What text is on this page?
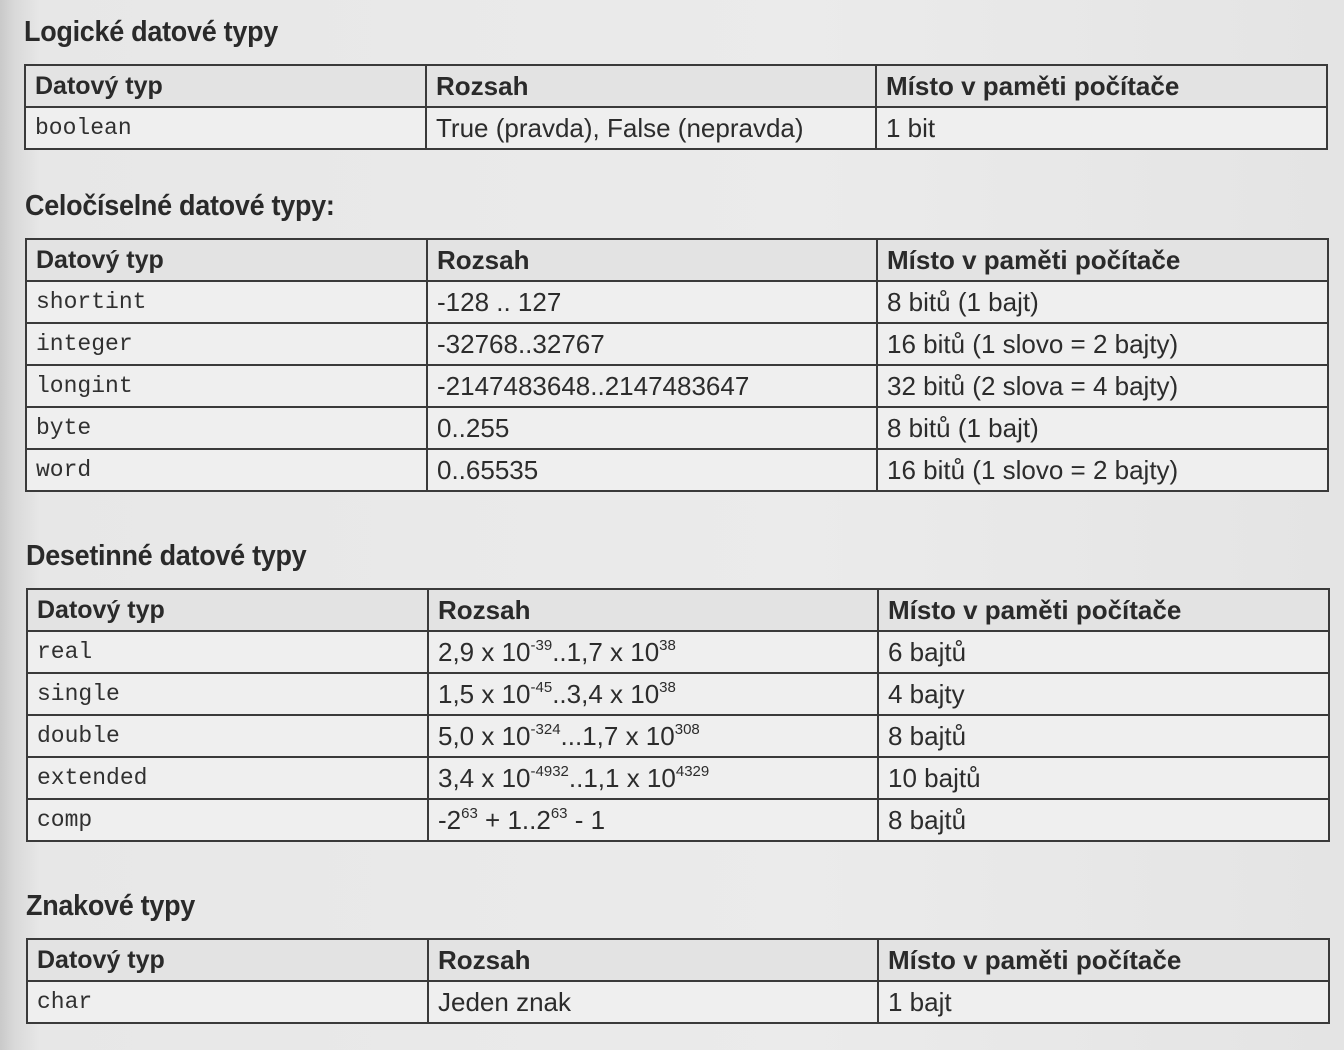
Logické datové typy
Datový typ	Rozsah	Místo v paměti počítače
boolean	True (pravda), False (nepravda)	1 bit
Celočíselné datové typy:
Datový typ	Rozsah	Místo v paměti počítače
shortint	-128 .. 127	8 bitů (1 bajt)
integer	-32768..32767	16 bitů (1 slovo = 2 bajty)
longint	-2147483648..2147483647	32 bitů (2 slova = 4 bajty)
byte	0..255	8 bitů (1 bajt)
word	0..65535	16 bitů (1 slovo = 2 bajty)
Desetinné datové typy
Datový typ	Rozsah	Místo v paměti počítače
real	2,9 x $10^{-39}..1,7$ x $10^{38}$	6 bajtů
single	1,5 x $10^{-45}..3,4$ x $10^{38}$	4 bajty
double	5,0 x $10^{-324}...1,7$ x $10^{308}$	8 bajtů
extended	3,4 x $10^{-4932}..1,1$ x $10^{4329}$	10 bajtů
comp	$-2^{63} + 1..2^{63} - 1$	8 bajtů
Znakové typy
Datový typ	Rozsah	Místo v paměti počítače
char	Jeden znak	1 bajt
